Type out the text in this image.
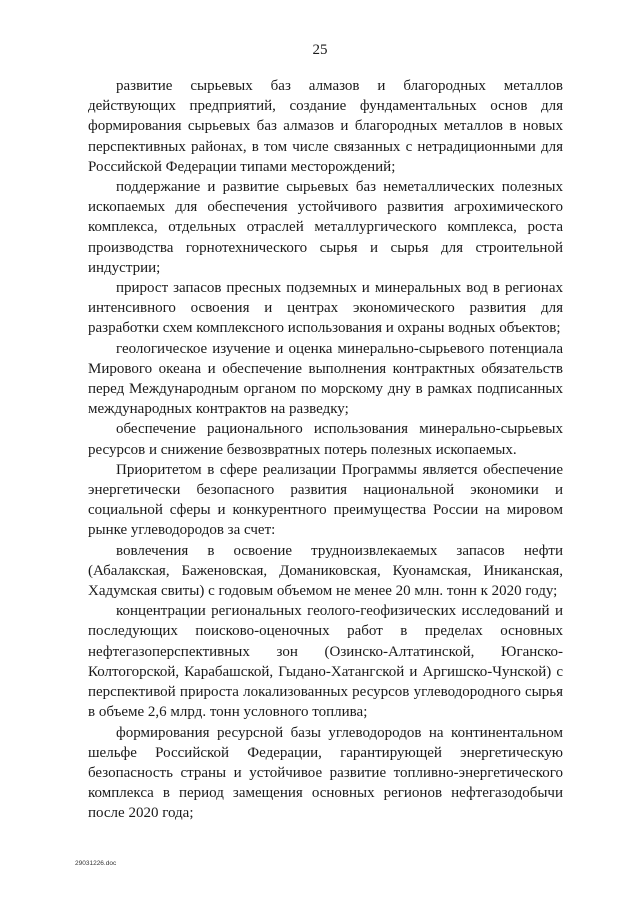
25

развитие сырьевых баз алмазов и благородных металлов действующих предприятий, создание фундаментальных основ для формирования сырьевых баз алмазов и благородных металлов в новых перспективных районах, в том числе связанных с нетрадиционными для Российской Федерации типами месторождений;

поддержание и развитие сырьевых баз неметаллических полезных ископаемых для обеспечения устойчивого развития агрохимического комплекса, отдельных отраслей металлургического комплекса, роста производства горнотехнического сырья и сырья для строительной индустрии;

прирост запасов пресных подземных и минеральных вод в регионах интенсивного освоения и центрах экономического развития для разработки схем комплексного использования и охраны водных объектов;

геологическое изучение и оценка минерально-сырьевого потенциала Мирового океана и обеспечение выполнения контрактных обязательств перед Международным органом по морскому дну в рамках подписанных международных контрактов на разведку;

обеспечение рационального использования минерально-сырьевых ресурсов и снижение безвозвратных потерь полезных ископаемых.

Приоритетом в сфере реализации Программы является обеспечение энергетически безопасного развития национальной экономики и социальной сферы и конкурентного преимущества России на мировом рынке углеводородов за счет:

вовлечения в освоение трудноизвлекаемых запасов нефти (Абалакская, Баженовская, Доманиковская, Куонамская, Иниканская, Хадумская свиты) с годовым объемом не менее 20 млн. тонн к 2020 году;

концентрации региональных геолого-геофизических исследований и последующих поисково-оценочных работ в пределах основных нефтегазоперспективных зон (Озинско-Алтатинской, Юганско-Колтогорской, Карабашской, Гыдано-Хатангской и Аргишско-Чунской) с перспективой прироста локализованных ресурсов углеводородного сырья в объеме 2,6 млрд. тонн условного топлива;

формирования ресурсной базы углеводородов на континентальном шельфе Российской Федерации, гарантирующей энергетическую безопасность страны и устойчивое развитие топливно-энергетического комплекса в период замещения основных регионов нефтегазодобычи после 2020 года;

29031226.doc
